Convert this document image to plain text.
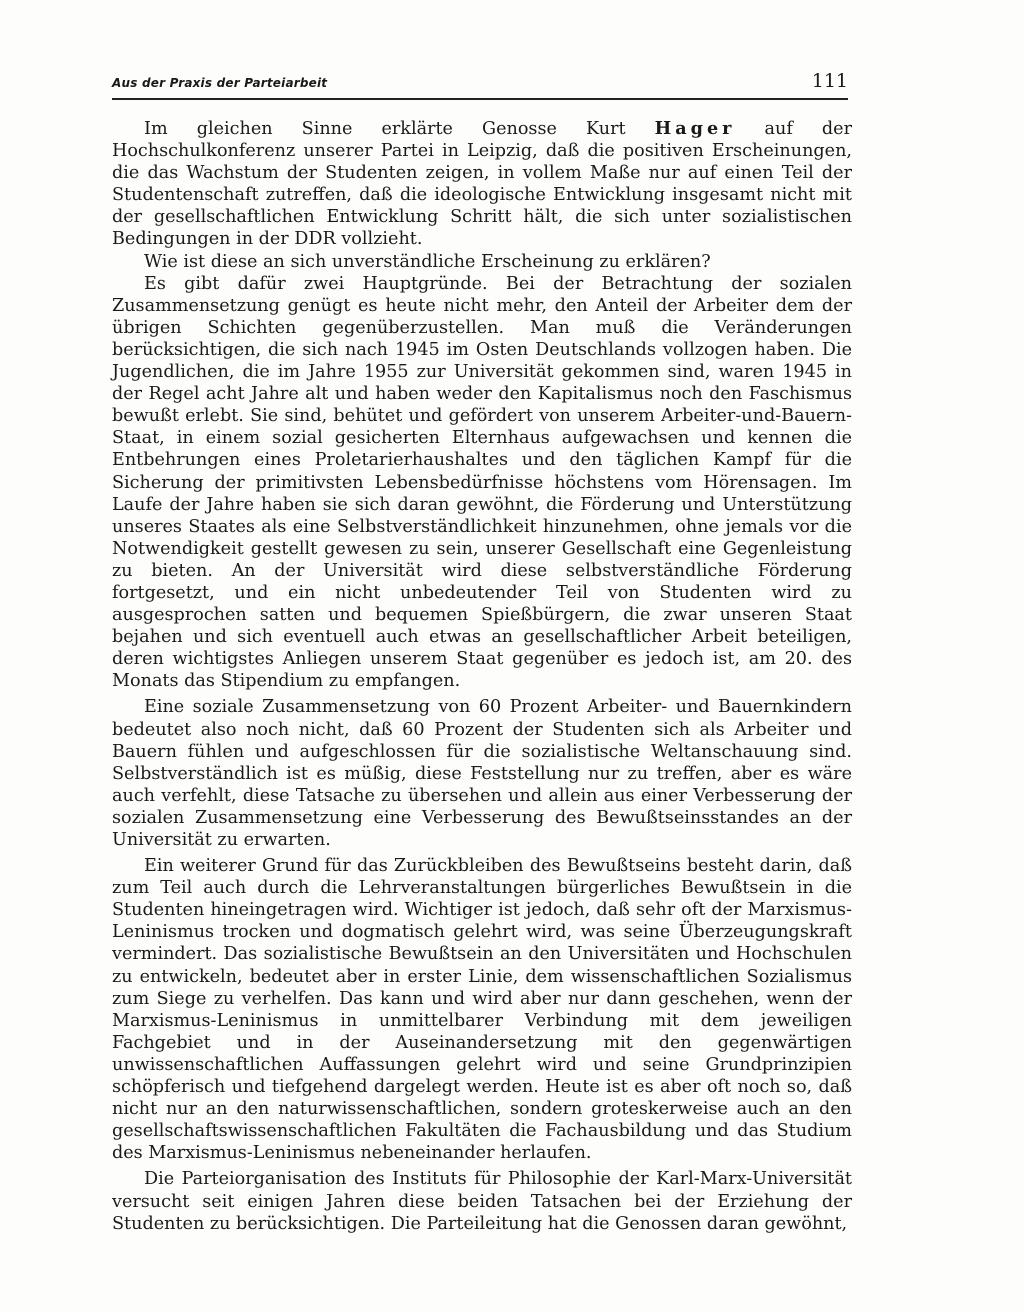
Aus der Praxis der Parteiarbeit	111

Im gleichen Sinne erklärte Genosse Kurt Hager auf der Hochschulkonferenz unserer Partei in Leipzig, daß die positiven Erscheinungen, die das Wachstum der Studenten zeigen, in vollem Maße nur auf einen Teil der Studentenschaft zutreffen, daß die ideologische Entwicklung insgesamt nicht mit der gesellschaftlichen Entwicklung Schritt hält, die sich unter sozialistischen Bedingungen in der DDR vollzieht.

Wie ist diese an sich unverständliche Erscheinung zu erklären?

Es gibt dafür zwei Hauptgründe. Bei der Betrachtung der sozialen Zusammensetzung genügt es heute nicht mehr, den Anteil der Arbeiter dem der übrigen Schichten gegenüberzustellen. Man muß die Veränderungen berücksichtigen, die sich nach 1945 im Osten Deutschlands vollzogen haben. Die Jugendlichen, die im Jahre 1955 zur Universität gekommen sind, waren 1945 in der Regel acht Jahre alt und haben weder den Kapitalismus noch den Faschismus bewußt erlebt. Sie sind, behütet und gefördert von unserem Arbeiter-und-Bauern-Staat, in einem sozial gesicherten Elternhaus aufgewachsen und kennen die Entbehrungen eines Proletarierhaushaltes und den täglichen Kampf für die Sicherung der primitivsten Lebensbedürfnisse höchstens vom Hörensagen. Im Laufe der Jahre haben sie sich daran gewöhnt, die Förderung und Unterstützung unseres Staates als eine Selbstverständlichkeit hinzunehmen, ohne jemals vor die Notwendigkeit gestellt gewesen zu sein, unserer Gesellschaft eine Gegenleistung zu bieten. An der Universität wird diese selbstverständliche Förderung fortgesetzt, und ein nicht unbedeutender Teil von Studenten wird zu ausgesprochen satten und bequemen Spießbürgern, die zwar unseren Staat bejahen und sich eventuell auch etwas an gesellschaftlicher Arbeit beteiligen, deren wichtigstes Anliegen unserem Staat gegenüber es jedoch ist, am 20. des Monats das Stipendium zu empfangen.

Eine soziale Zusammensetzung von 60 Prozent Arbeiter- und Bauernkindern bedeutet also noch nicht, daß 60 Prozent der Studenten sich als Arbeiter und Bauern fühlen und aufgeschlossen für die sozialistische Weltanschauung sind. Selbstverständlich ist es müßig, diese Feststellung nur zu treffen, aber es wäre auch verfehlt, diese Tatsache zu übersehen und allein aus einer Verbesserung der sozialen Zusammensetzung eine Verbesserung des Bewußtseinsstandes an der Universität zu erwarten.

Ein weiterer Grund für das Zurückbleiben des Bewußtseins besteht darin, daß zum Teil auch durch die Lehrveranstaltungen bürgerliches Bewußtsein in die Studenten hineingetragen wird. Wichtiger ist jedoch, daß sehr oft der Marxismus-Leninismus trocken und dogmatisch gelehrt wird, was seine Überzeugungskraft vermindert. Das sozialistische Bewußtsein an den Universitäten und Hochschulen zu entwickeln, bedeutet aber in erster Linie, dem wissenschaftlichen Sozialismus zum Siege zu verhelfen. Das kann und wird aber nur dann geschehen, wenn der Marxismus-Leninismus in unmittelbarer Verbindung mit dem jeweiligen Fachgebiet und in der Auseinandersetzung mit den gegenwärtigen unwissenschaftlichen Auffassungen gelehrt wird und seine Grundprinzipien schöpferisch und tiefgehend dargelegt werden. Heute ist es aber oft noch so, daß nicht nur an den naturwissenschaftlichen, sondern groteskerweise auch an den gesellschaftswissenschaftlichen Fakultäten die Fachausbildung und das Studium des Marxismus-Leninismus nebeneinander herlaufen.

Die Parteiorganisation des Instituts für Philosophie der Karl-Marx-Universität versucht seit einigen Jahren diese beiden Tatsachen bei der Erziehung der Studenten zu berücksichtigen. Die Parteileitung hat die Genossen daran gewöhnt,
